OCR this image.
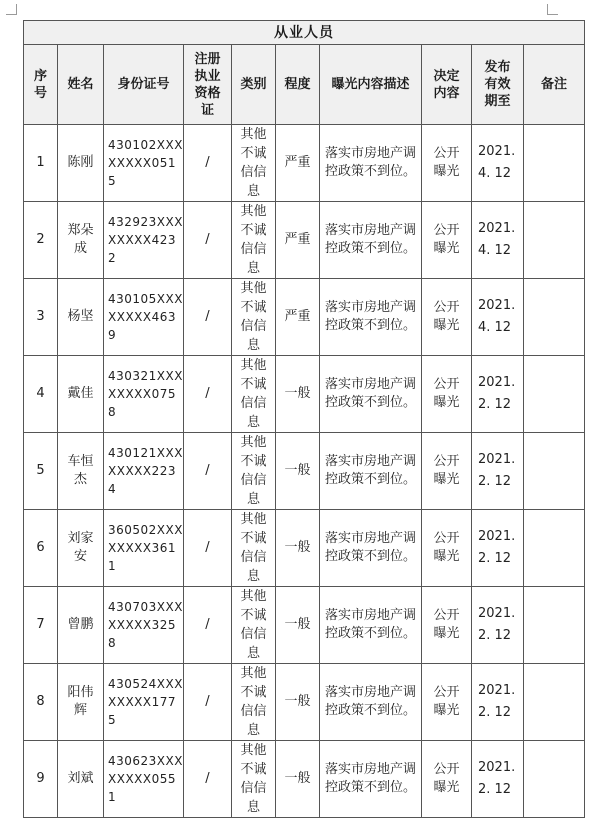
从业人员									

序号	姓名	身份证号	注册执业资格证	类别	程度	曝光内容描述	决定内容	发布有效期至	备注
1	陈刚	430102XXXXXXXX0515	/	其他不诚信信息	严重	落实市房地产调控政策不到位。	公开曝光	2021.
4. 12	
2	郑朵成	432923XXXXXXXX4232	/	其他不诚信信息	严重	落实市房地产调控政策不到位。	公开曝光	2021.
4. 12	
3	杨坚	430105XXXXXXXX4639	/	其他不诚信信息	严重	落实市房地产调控政策不到位。	公开曝光	2021.
4. 12	
4	戴佳	430321XXXXXXXX0758	/	其他不诚信信息	一般	落实市房地产调控政策不到位。	公开曝光	2021.
2. 12	
5	车恒杰	430121XXXXXXXX2234	/	其他不诚信信息	一般	落实市房地产调控政策不到位。	公开曝光	2021.
2. 12	
6	刘家安	360502XXXXXXXX3611	/	其他不诚信信息	一般	落实市房地产调控政策不到位。	公开曝光	2021.
2. 12	
7	曾鹏	430703XXXXXXXX3258	/	其他不诚信信息	一般	落实市房地产调控政策不到位。	公开曝光	2021.
2. 12	
8	阳伟辉	430524XXXXXXXX1775	/	其他不诚信信息	一般	落实市房地产调控政策不到位。	公开曝光	2021.
2. 12	
9	刘斌	430623XXXXXXXX0551	/	其他不诚信信息	一般	落实市房地产调控政策不到位。	公开曝光	2021.
2. 12	
